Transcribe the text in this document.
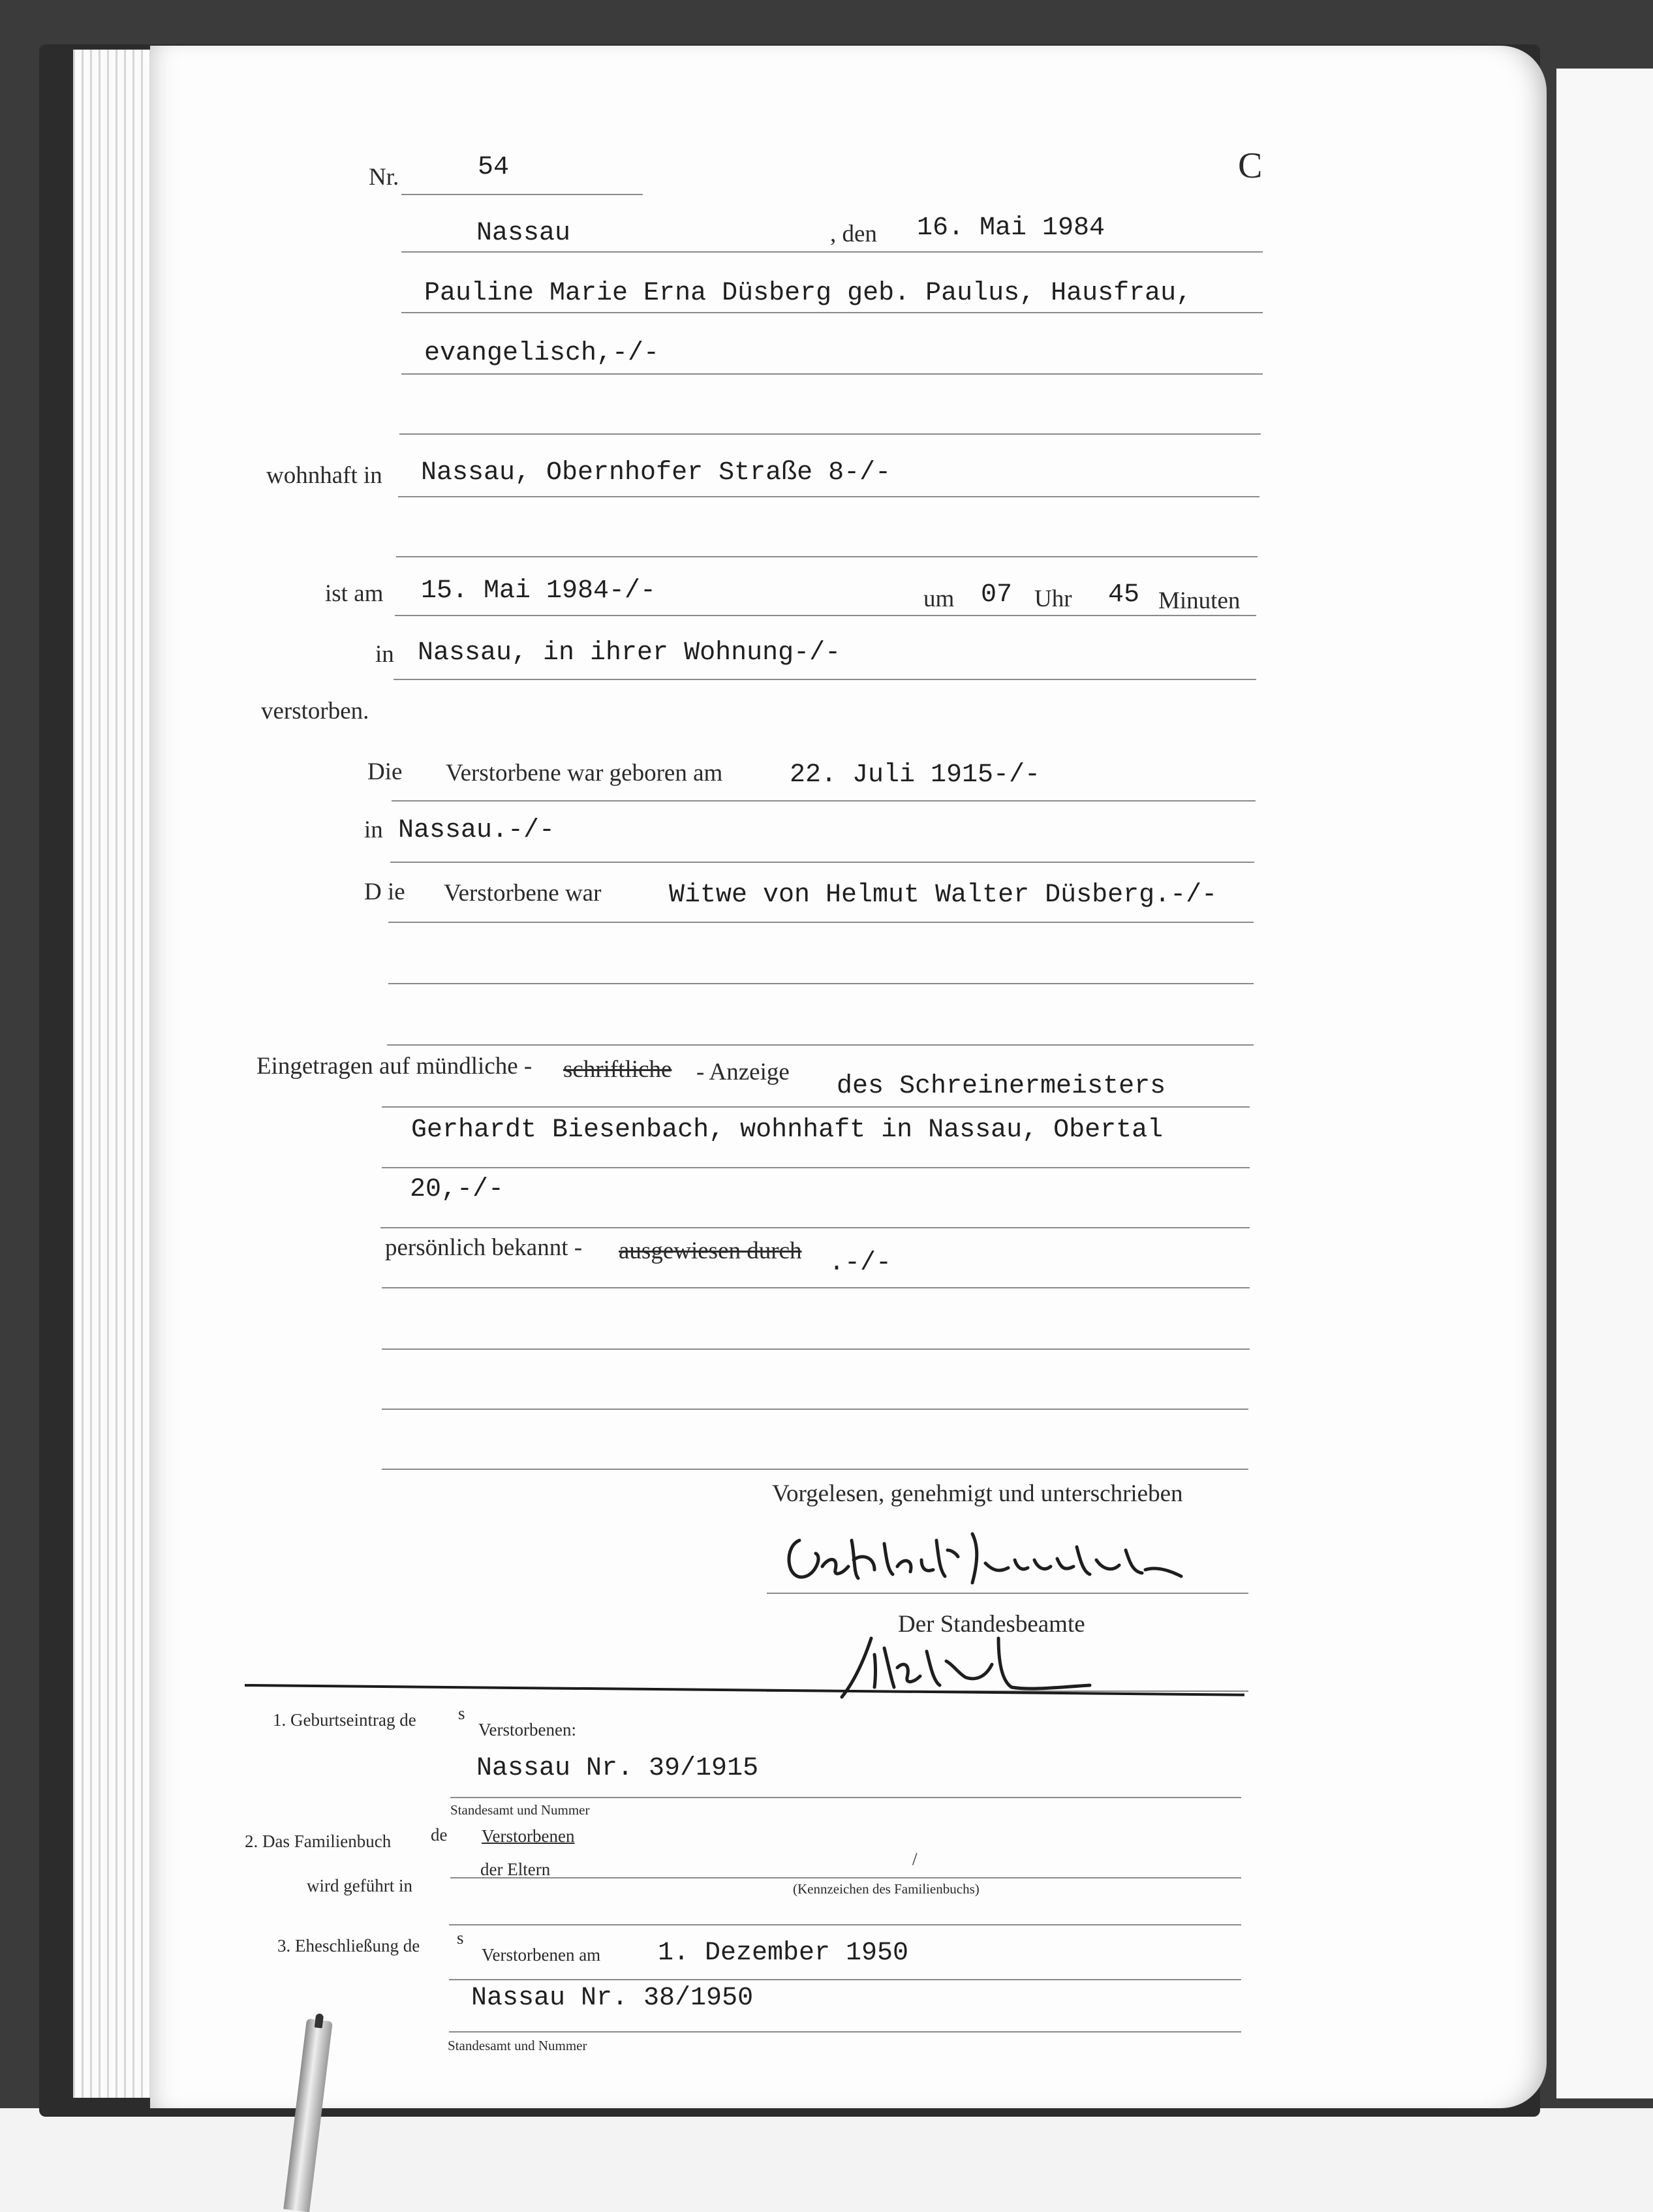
Nr.	54	C
Nassau	, den 16. Mai 1984
Pauline Marie Erna Düsberg geb. Paulus, Hausfrau,
evangelisch,-/-
wohnhaft in Nassau, Obernhofer Straße 8-/-
ist am 15. Mai 1984-/-	um 07 Uhr 45 Minuten
in Nassau, in ihrer Wohnung-/-
verstorben.
Die Verstorbene war geboren am	22. Juli 1915-/-
in Nassau.-/-
D ie Verstorbene war	Witwe von Helmut Walter Düsberg.-/-
Eingetragen auf mündliche - schriftliche - Anzeige des Schreinermeisters
Gerhardt Biesenbach, wohnhaft in Nassau, Obertal
20,-/-
persönlich bekannt - ausgewiesen durch .-/-
Vorgelesen, genehmigt und unterschrieben
Der Standesbeamte
1. Geburtseintrag de s
Verstorbenen:
Nassau Nr. 39/1915
Standesamt und Nummer
2. Das Familienbuch de Verstorbenen
der Eltern
wird geführt in
/
(Kennzeichen des Familienbuchs)
3. Eheschließung de s
Verstorbenen am 1. Dezember 1950
Nassau Nr. 38/1950
Standesamt und Nummer
